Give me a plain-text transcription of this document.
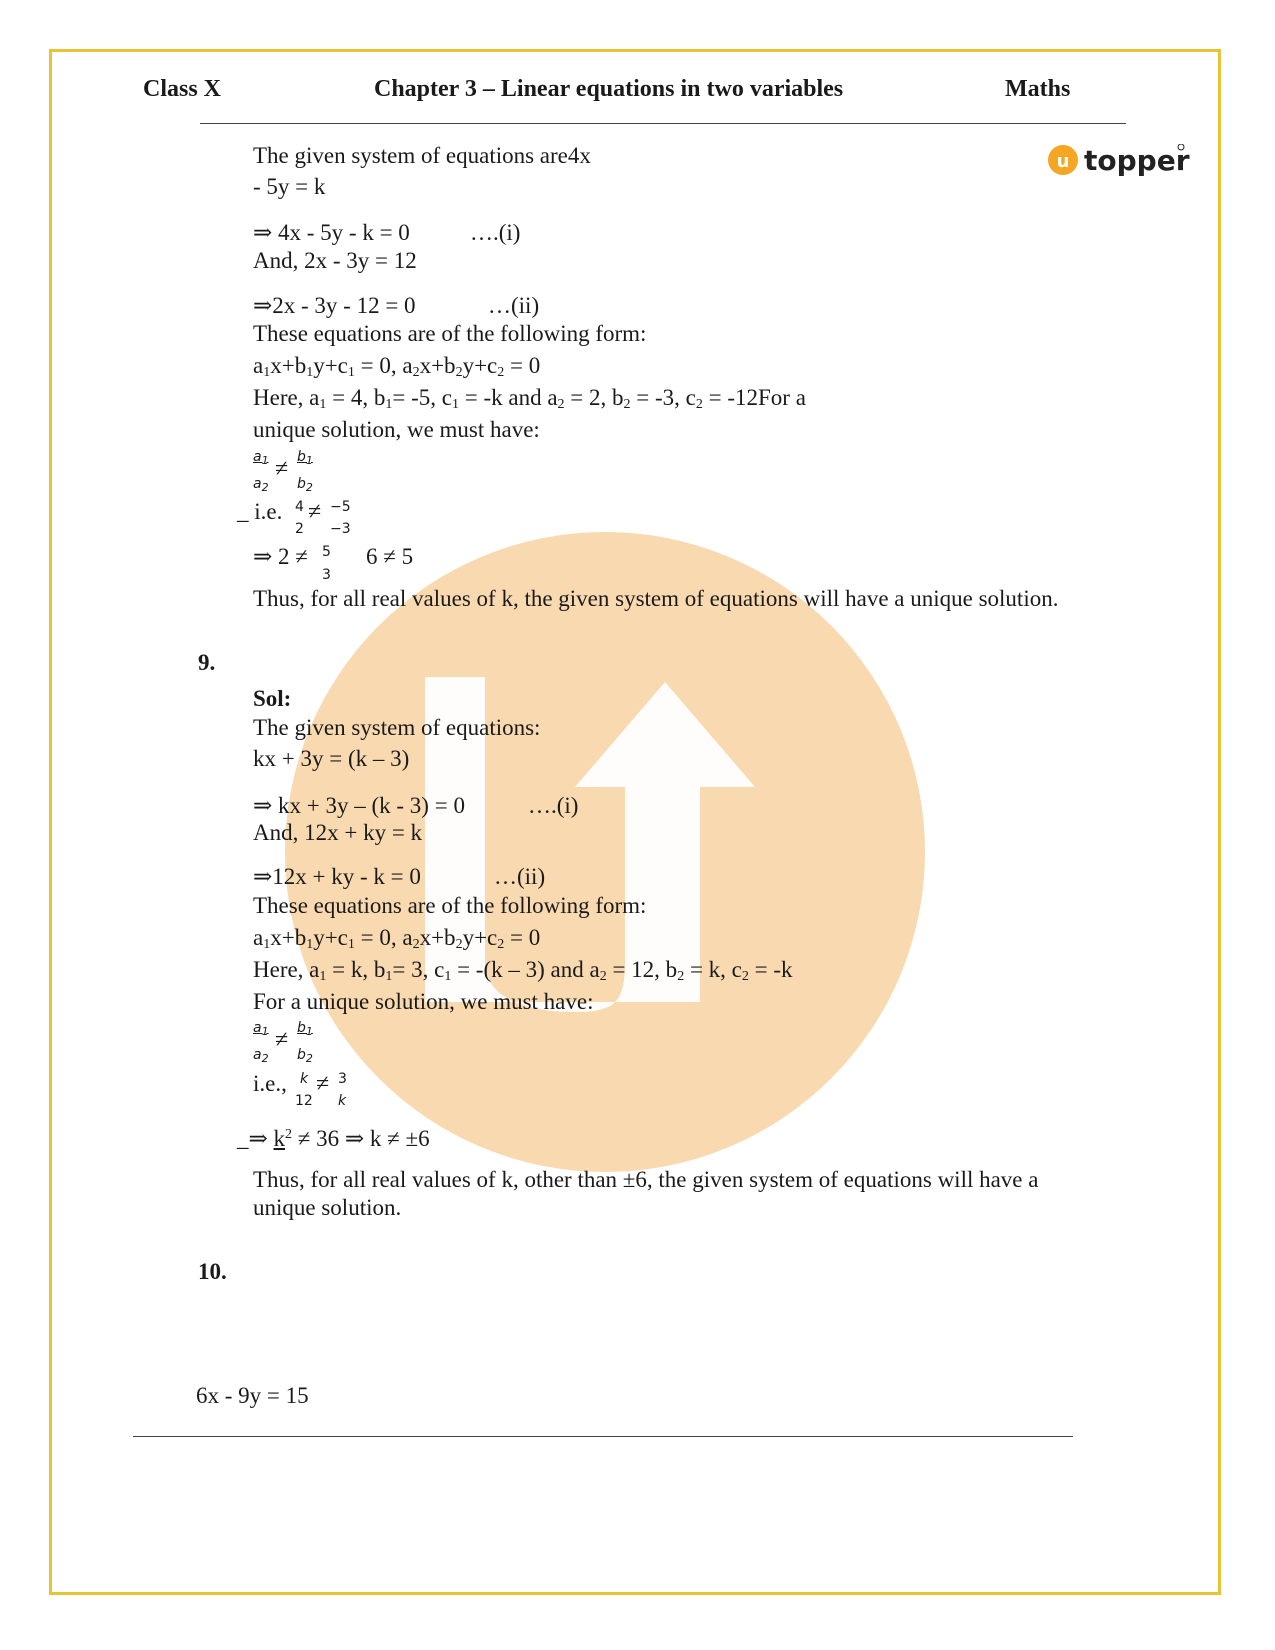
Class X	Chapter 3 – Linear equations in two variables	Maths
u topper
The given system of equations are4x
- 5y = k
⇒ 4x - 5y - k = 0	….(i)
And, 2x - 3y = 12
⇒2x - 3y - 12 = 0	…(ii)
These equations are of the following form:
$a_1x+b_1y+c_1 = 0$, $a_2x+b_2y+c_2 = 0$
Here, $a_1 = 4$, $b_1= -5$, $c_1 = -k$ and $a_2 = 2$, $b_2 = -3$, $c_2 = -12For$ a
unique solution, we must have:
$a_1 \ne b_1$
$a_2$ $b_2$
_ i.e. 4 ≠ −5
2 −3
⇒ 2 ≠ 5
3
6 ≠ 5
Thus, for all real values of k, the given system of equations will have a unique solution.
9.
Sol:
The given system of equations:
kx + 3y = (k – 3)
⇒ kx + 3y – (k - 3) = 0	….(i)
And, 12x + ky = k
⇒12x + ky - k = 0	…(ii)
These equations are of the following form:
$a_1x+b_1y+c_1 = 0$, $a_2x+b_2y+c_2 = 0$
Here, $a_1 = k$, $b_1= 3$, $c_1 = -(k - 3)$ and $a_2 = 12$, $b_2 = k$, $c_2 = -k$
For a unique solution, we must have:
$a_1 \ne b_1$
$a_2$ $b_2$
i.e., k ≠ 3
12 k
_⇒ $k^2 \ne 36$ ⇒ k ≠ ±6
Thus, for all real values of k, other than ±6, the given system of equations will have a
unique solution.
10.
6x - 9y = 15
